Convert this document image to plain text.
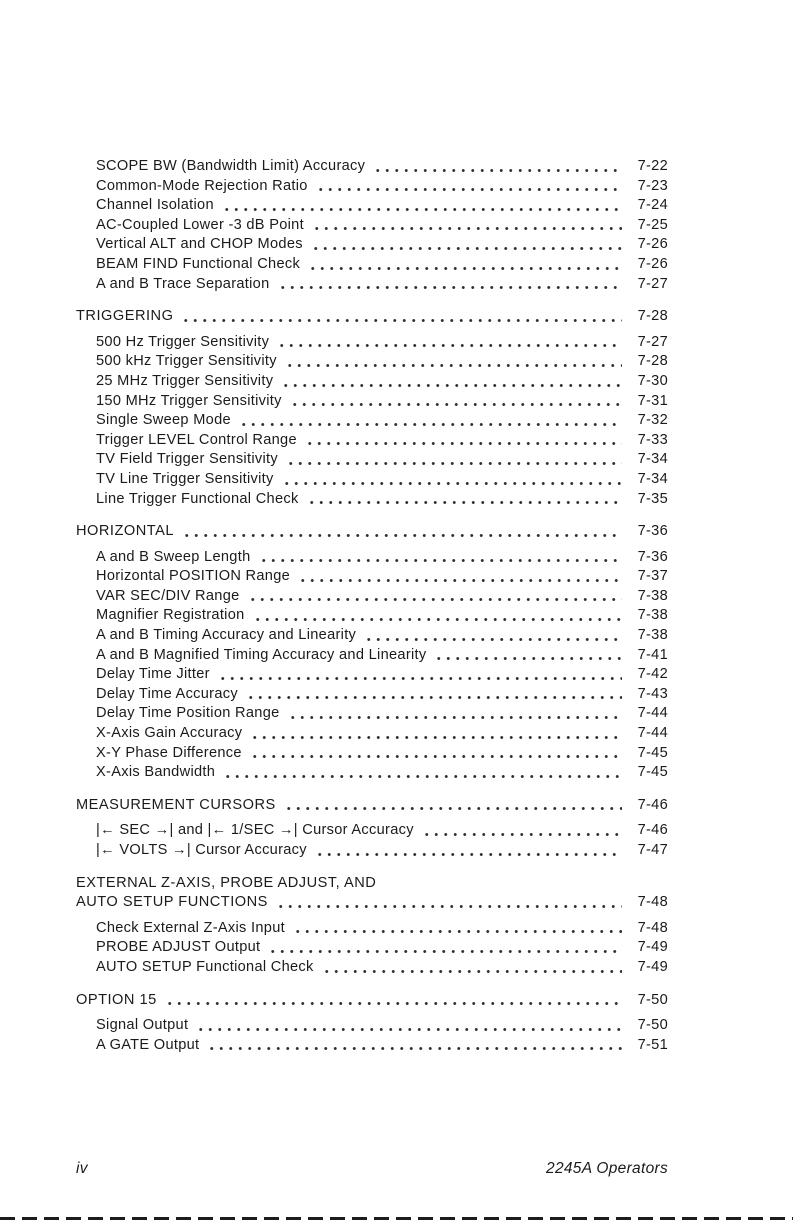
SCOPE BW (Bandwidth Limit) Accuracy	7-22
Common-Mode Rejection Ratio	7-23
Channel Isolation	7-24
AC-Coupled Lower -3 dB Point	7-25
Vertical ALT and CHOP Modes	7-26
BEAM FIND Functional Check	7-26
A and B Trace Separation	7-27
TRIGGERING	7-28
500 Hz Trigger Sensitivity	7-27
500 kHz Trigger Sensitivity	7-28
25 MHz Trigger Sensitivity	7-30
150 MHz Trigger Sensitivity	7-31
Single Sweep Mode	7-32
Trigger LEVEL Control Range	7-33
TV Field Trigger Sensitivity	7-34
TV Line Trigger Sensitivity	7-34
Line Trigger Functional Check	7-35
HORIZONTAL	7-36
A and B Sweep Length	7-36
Horizontal POSITION Range	7-37
VAR SEC/DIV Range	7-38
Magnifier Registration	7-38
A and B Timing Accuracy and Linearity	7-38
A and B Magnified Timing Accuracy and Linearity	7-41
Delay Time Jitter	7-42
Delay Time Accuracy	7-43
Delay Time Position Range	7-44
X-Axis Gain Accuracy	7-44
X-Y Phase Difference	7-45
X-Axis Bandwidth	7-45
MEASUREMENT CURSORS	7-46
|← SEC →| and |← 1/SEC →| Cursor Accuracy	7-46
|← VOLTS →| Cursor Accuracy	7-47
EXTERNAL Z-AXIS, PROBE ADJUST, AND
AUTO SETUP FUNCTIONS	7-48
Check External Z-Axis Input	7-48
PROBE ADJUST Output	7-49
AUTO SETUP Functional Check	7-49
OPTION 15	7-50
Signal Output	7-50
A GATE Output	7-51
iv	2245A Operators
